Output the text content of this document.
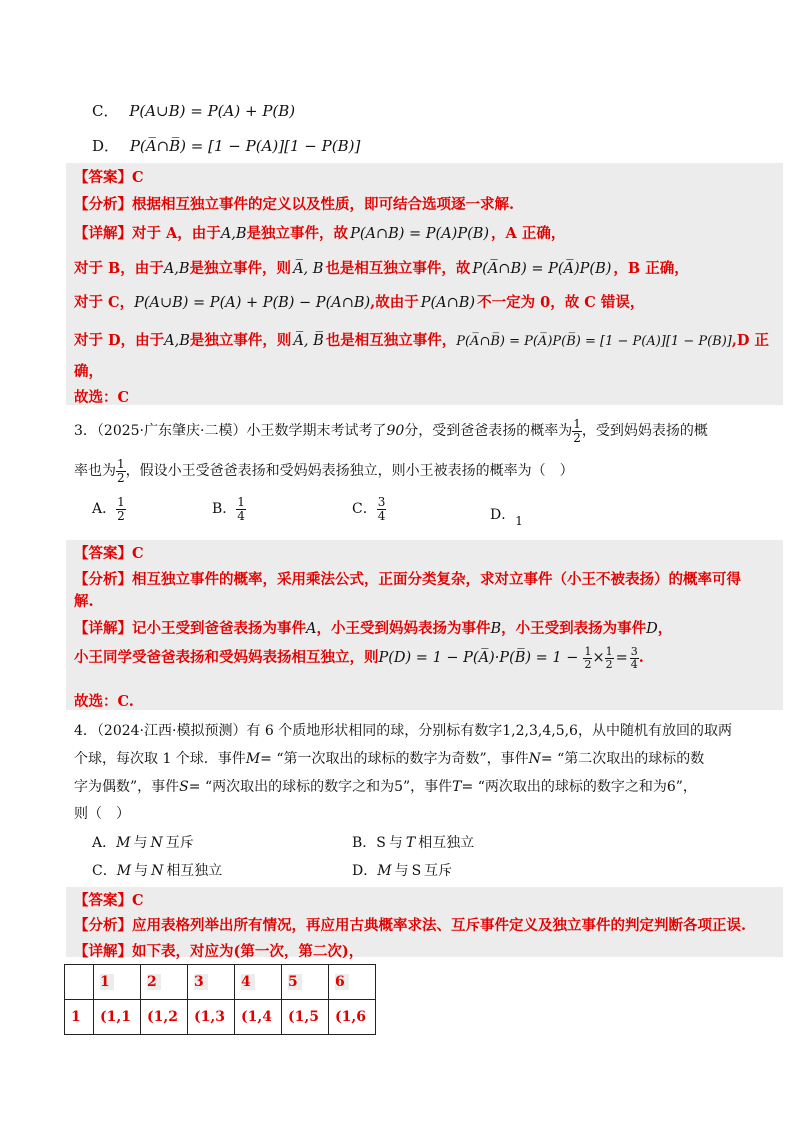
C． P(A∪B) = P(A) + P(B)
D． P(A̅∩B̅) = [1 − P(A)][1 − P(B)]
【答案】C
【分析】根据相互独立事件的定义以及性质，即可结合选项逐一求解.
【详解】对于 A，由于A,B是独立事件，故 P(A∩B) = P(A)P(B) ，A 正确，
对于 B，由于A,B是独立事件，则 A̅, B 也是相互独立事件，故 P(A̅∩B) = P(A̅)P(B) ，B 正确，
对于 C，P(A∪B) = P(A) + P(B) − P(A∩B),故由于 P(A∩B) 不一定为 0，故 C 错误，
对于 D，由于A,B是独立事件，则 A̅, B̅ 也是相互独立事件，P(A̅∩B̅) = P(A̅)P(B̅) = [1 − P(A)][1 − P(B)],D 正
确，
故选：C
3．（2025·广东肇庆·二模）小王数学期末考试考了90分，受到爸爸表扬的概率为 $\frac{1}{2}$ ，受到妈妈表扬的概
率也为 $\frac{1}{2}$ ，假设小王受爸爸表扬和受妈妈表扬独立，则小王被表扬的概率为（　）
A． $\frac{1}{2}$	B． $\frac{1}{4}$	C． $\frac{3}{4}$	D．1
【答案】C
【分析】相互独立事件的概率，采用乘法公式，正面分类复杂，求对立事件（小王不被表扬）的概率可得
解.
【详解】记小王受到爸爸表扬为事件A，小王受到妈妈表扬为事件B，小王受到表扬为事件D，
小王同学受爸爸表扬和受妈妈表扬相互独立，则P(D) = 1 − P(A̅)·P(B̅) = $1 - \frac{1}{2} \times \frac{1}{2} = \frac{3}{4}$ .
故选：C.
4．（2024·江西·模拟预测）有 6 个质地形状相同的球，分别标有数字1,2,3,4,5,6，从中随机有放回的取两
个球，每次取 1 个球．事件M= “第一次取出的球标的数字为奇数”，事件N= “第二次取出的球标的数
字为偶数”，事件S= “两次取出的球标的数字之和为5”，事件T= “两次取出的球标的数字之和为6”，
则（　）
A．M 与 N 互斥	B．S 与 T 相互独立
C．M 与 N 相互独立	D．M 与 S 互斥
【答案】C
【分析】应用表格列举出所有情况，再应用古典概率求法、互斥事件定义及独立事件的判定判断各项正误.
【详解】如下表，对应为(第一次，第二次)，
	1	2	3	4	5	6
1	(1,1	(1,2	(1,3	(1,4	(1,5	(1,6
